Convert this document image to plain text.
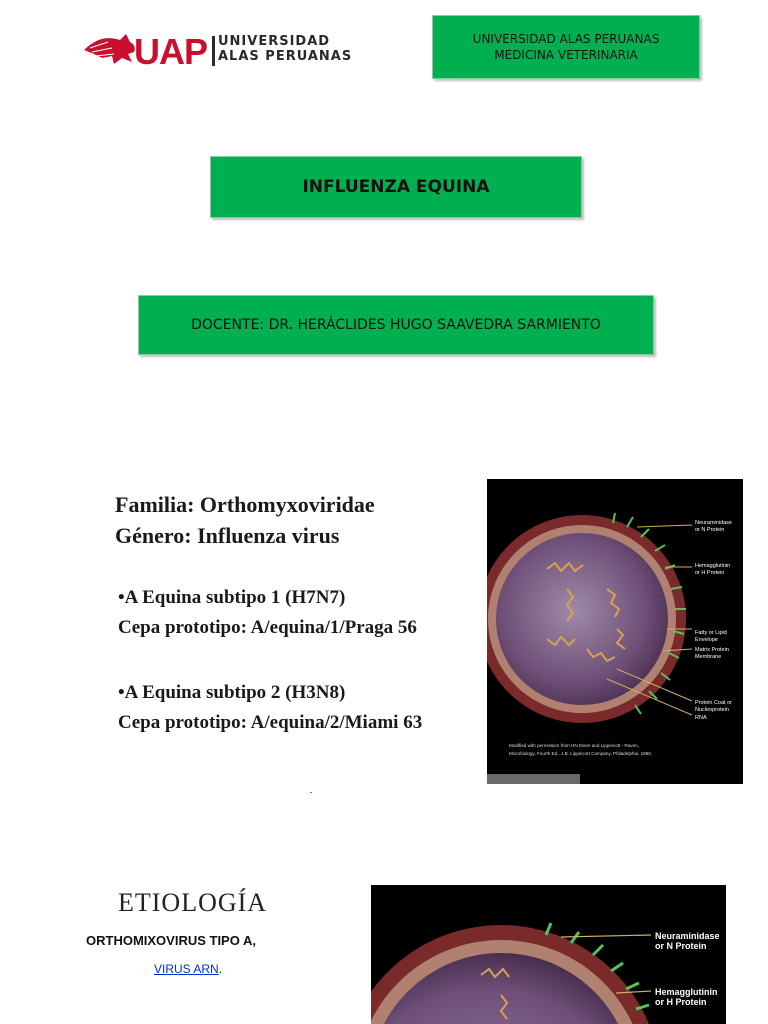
UAP UNIVERSIDAD
ALAS PERUANAS
UNIVERSIDAD ALAS PERUANAS
MEDICINA VETERINARIA
INFLUENZA EQUINA
DOCENTE: DR. HERÁCLIDES HUGO SAAVEDRA SARMIENTO
Familia: Orthomyxoviridae
Género: Influenza virus
•A Equina subtipo 1 (H7N7)
Cepa prototipo: A/equina/1/Praga 56
•A Equina subtipo 2 (H3N8)
Cepa prototipo: A/equina/2/Miami 63
Neuraminidase
or N Protein
Hemagglutinin
or H Protein
Fatty or Lipid
Envelope
Matrix Protein
Membrane
Protein Coat or
Nucleoprotein
RNA
Modified with permission from HN Eisen and Lippincott - Raven,
Microbiology, Fourth Ed., J.B. Lippincott Company, Philadelphia, 1990.
ETIOLOGÍA
ORTHOMIXOVIRUS TIPO A,
VIRUS ARN.
Neuraminidase
or N Protein
Hemagglutinin
or H Protein
